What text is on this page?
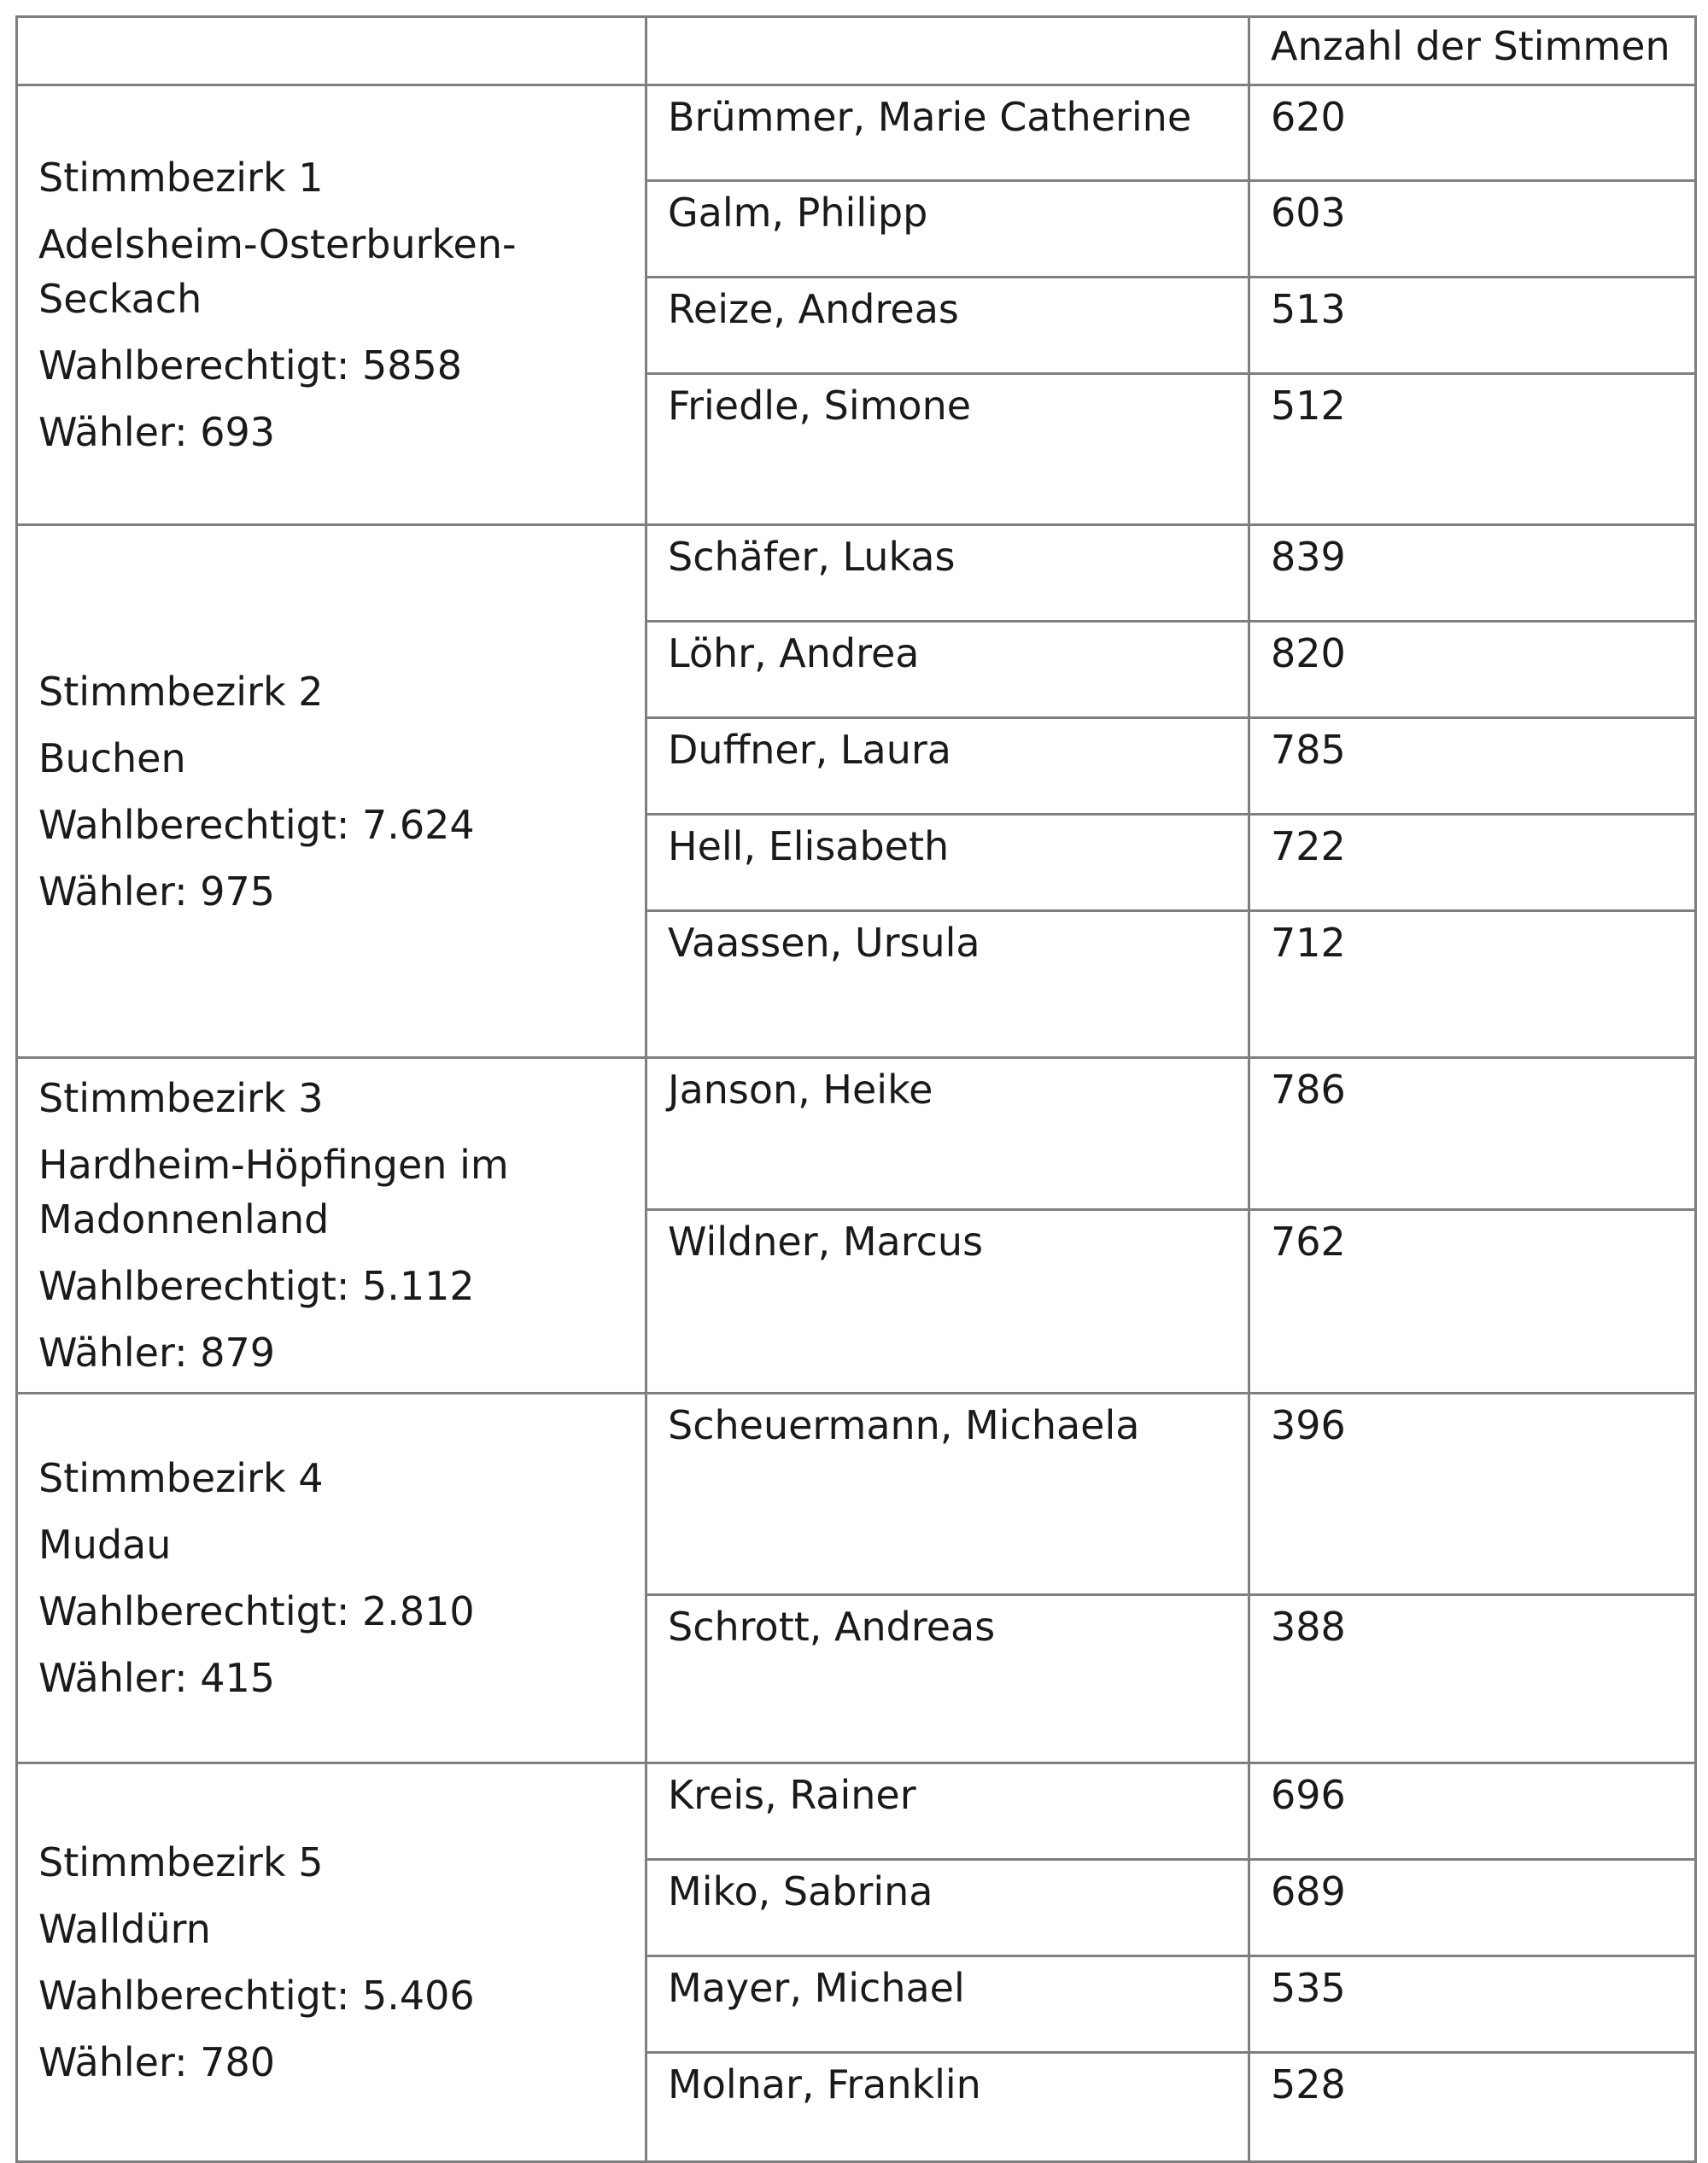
		Anzahl der Stimmen

Stimmbezirk 1
Adelsheim-Osterburken-Seckach
Wahlberechtigt: 5858
Wähler: 693	Brümmer, Marie Catherine	620
	Galm, Philipp	603
	Reize, Andreas	513
	Friedle, Simone	512

Stimmbezirk 2
Buchen
Wahlberechtigt: 7.624
Wähler: 975	Schäfer, Lukas	839
	Löhr, Andrea	820
	Duffner, Laura	785
	Hell, Elisabeth	722
	Vaassen, Ursula	712

Stimmbezirk 3
Hardheim-Höpfingen im Madonnenland
Wahlberechtigt: 5.112
Wähler: 879	Janson, Heike	786
	Wildner, Marcus	762

Stimmbezirk 4
Mudau
Wahlberechtigt: 2.810
Wähler: 415	Scheuermann, Michaela	396
	Schrott, Andreas	388

Stimmbezirk 5
Walldürn
Wahlberechtigt: 5.406
Wähler: 780	Kreis, Rainer	696
	Miko, Sabrina	689
	Mayer, Michael	535
	Molnar, Franklin	528
